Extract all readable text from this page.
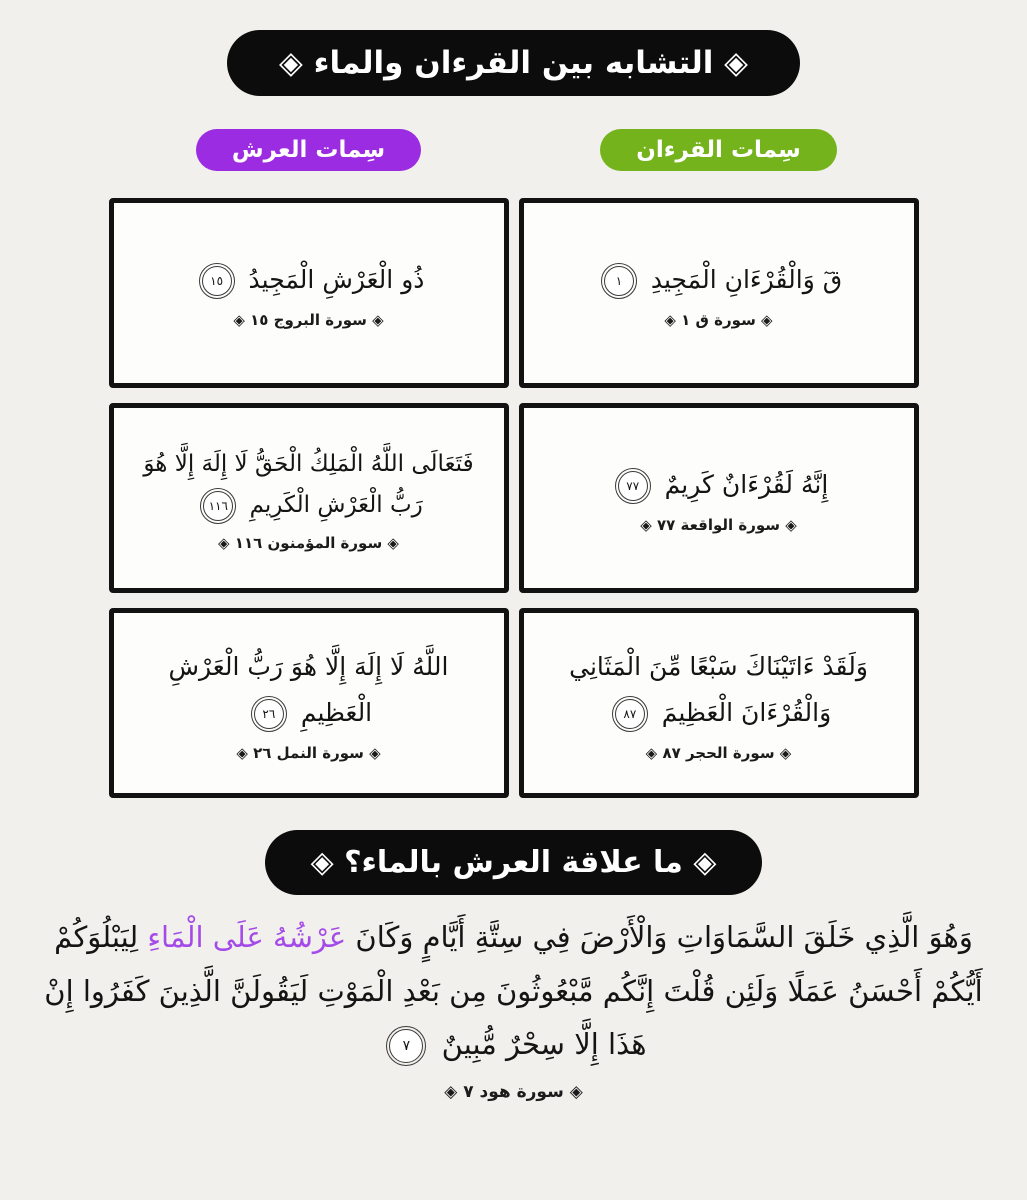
◈ التشابه بين القرءان والماء ◈
سِمات القرءان
سِمات العرش
قٓ وَالْقُرْءَانِ الْمَجِيدِ ١
◈ سورة ق ١ ◈
ذُو الْعَرْشِ الْمَجِيدُ ١٥
◈ سورة البروج ١٥ ◈
إِنَّهُ لَقُرْءَانٌ كَرِيمٌ ٧٧
◈ سورة الواقعة ٧٧ ◈
فَتَعَالَى اللَّهُ الْمَلِكُ الْحَقُّ لَا إِلَهَ إِلَّا هُوَ رَبُّ الْعَرْشِ الْكَرِيمِ ١١٦
◈ سورة المؤمنون ١١٦ ◈
وَلَقَدْ ءَاتَيْنَاكَ سَبْعًا مِّنَ الْمَثَانِي وَالْقُرْءَانَ الْعَظِيمَ ٨٧
◈ سورة الحجر ٨٧ ◈
اللَّهُ لَا إِلَهَ إِلَّا هُوَ رَبُّ الْعَرْشِ الْعَظِيمِ ٢٦
◈ سورة النمل ٢٦ ◈
◈ ما علاقة العرش بالماء؟ ◈
وَهُوَ الَّذِي خَلَقَ السَّمَاوَاتِ وَالْأَرْضَ فِي سِتَّةِ أَيَّامٍ وَكَانَ عَرْشُهُ عَلَى الْمَاءِ لِيَبْلُوَكُمْ أَيُّكُمْ أَحْسَنُ عَمَلًا وَلَئِن قُلْتَ إِنَّكُم مَّبْعُوثُونَ مِن بَعْدِ الْمَوْتِ لَيَقُولَنَّ الَّذِينَ كَفَرُوا إِنْ هَذَا إِلَّا سِحْرٌ مُّبِينٌ ٧
◈ سورة هود ٧ ◈
